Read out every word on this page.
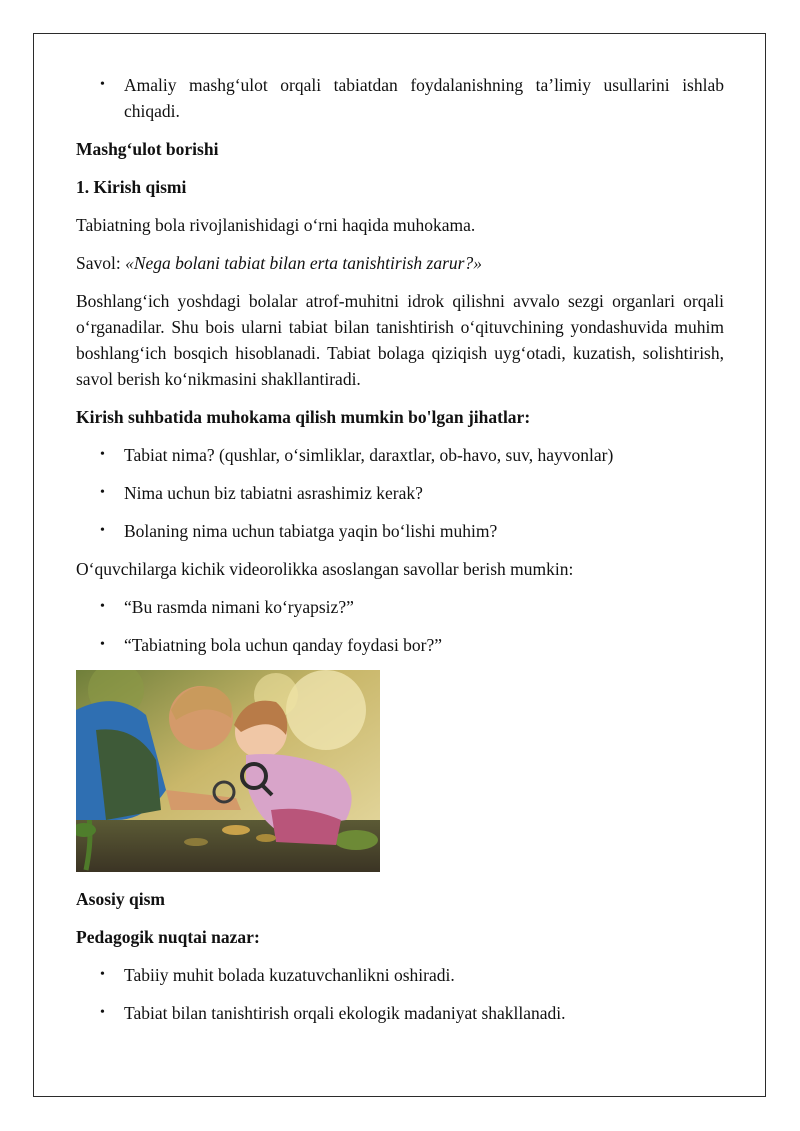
• Amaliy mashg‘ulot orqali tabiatdan foydalanishning ta’limiy usullarini ishlab chiqadi.

Mashg‘ulot borishi

1. Kirish qismi

Tabiatning bola rivojlanishidagi o‘rni haqida muhokama.

Savol: «Nega bolani tabiat bilan erta tanishtirish zarur?»

Boshlang‘ich yoshdagi bolalar atrof-muhitni idrok qilishni avvalo sezgi organlari orqali o‘rganadilar. Shu bois ularni tabiat bilan tanishtirish o‘qituvchining yondashuvida muhim boshlang‘ich bosqich hisoblanadi. Tabiat bolaga qiziqish uyg‘otadi, kuzatish, solishtirish, savol berish ko‘nikmasini shakllantiradi.

Kirish suhbatida muhokama qilish mumkin bo'lgan jihatlar:

• Tabiat nima? (qushlar, o‘simliklar, daraxtlar, ob-havo, suv, hayvonlar)
• Nima uchun biz tabiatni asrashimiz kerak?
• Bolaning nima uchun tabiatga yaqin bo‘lishi muhim?

O‘quvchilarga kichik videorolikka asoslangan savollar berish mumkin:

• “Bu rasmda nimani ko‘ryapsiz?”
• “Tabiatning bola uchun qanday foydasi bor?”

Asosiy qism

Pedagogik nuqtai nazar:

• Tabiiy muhit bolada kuzatuvchanlikni oshiradi.
• Tabiat bilan tanishtirish orqali ekologik madaniyat shakllanadi.
